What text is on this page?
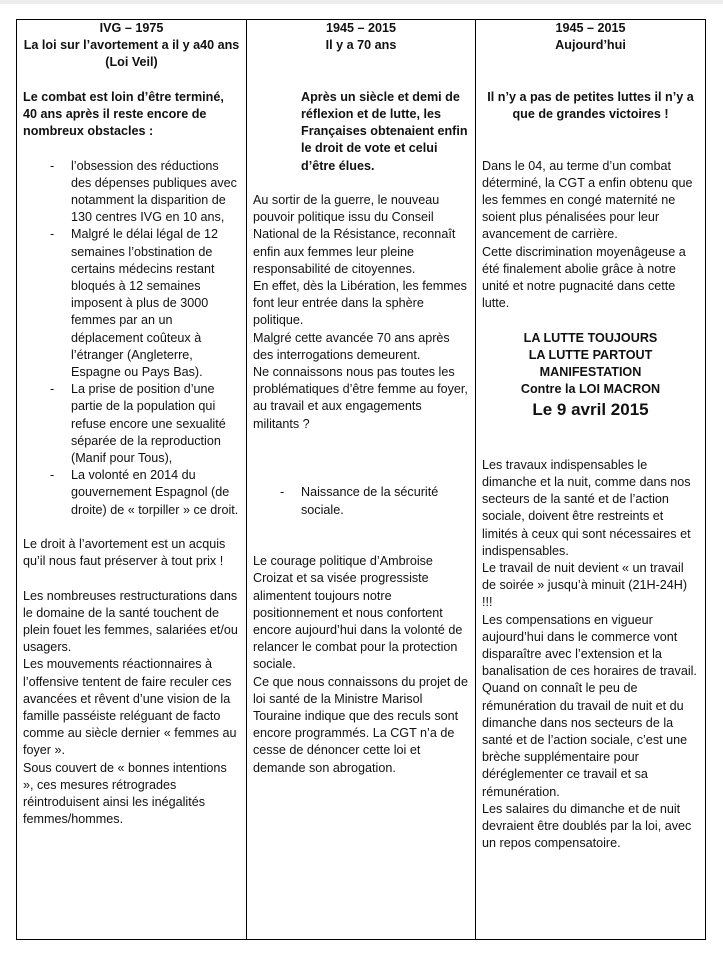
IVG – 1975

La loi sur l’avortement a il y a40 ans

(Loi Veil)

Le combat est loin d’être terminé, 40 ans après il reste encore de nombreux obstacles :

- l’obsession des réductions des dépenses publiques avec notamment la disparition de 130 centres IVG en 10 ans,
- Malgré le délai légal de 12 semaines l’obstination de certains médecins restant bloqués à 12 semaines imposent à plus de 3000 femmes par an un déplacement coûteux à l’étranger (Angleterre, Espagne ou Pays Bas).
- La prise de position d’une partie de la population qui refuse encore une sexualité séparée de la reproduction (Manif pour Tous),
- La volonté en 2014 du gouvernement Espagnol (de droite) de « torpiller » ce droit.

Le droit à l’avortement est un acquis qu’il nous faut préserver à tout prix !

Les nombreuses restructurations dans le domaine de la santé touchent de plein fouet les femmes, salariées et/ou usagers.

Les mouvements réactionnaires à l’offensive tentent de faire reculer ces avancées et rêvent d’une vision de la famille passéiste reléguant de facto comme au siècle dernier « femmes au foyer ».

Sous couvert de « bonnes intentions », ces mesures rétrogrades réintroduisent ainsi les inégalités femmes/hommes.

1945 – 2015

Il y a 70 ans

Après un siècle et demi de réflexion et de lutte, les Françaises obtenaient enfin le droit de vote et celui d’être élues.

Au sortir de la guerre, le nouveau pouvoir politique issu du Conseil National de la Résistance, reconnaît enfin aux femmes leur pleine responsabilité de citoyennes.

En effet, dès la Libération, les femmes font leur entrée dans la sphère politique.

Malgré cette avancée 70 ans après des interrogations demeurent.

Ne connaissons nous pas toutes les problématiques d’être femme au foyer, au travail et aux engagements militants ?

- Naissance de la sécurité sociale.

Le courage politique d’Ambroise Croizat et sa visée progressiste alimentent toujours notre positionnement et nous confortent encore aujourd’hui dans la volonté de relancer le combat pour la protection sociale.

Ce que nous connaissons du projet de loi santé de la Ministre Marisol Touraine indique que des reculs sont encore programmés. La CGT n’a de cesse de dénoncer cette loi et demande son abrogation.

1945 – 2015

Aujourd’hui

Il n’y a pas de petites luttes il n’y a que de grandes victoires !

Dans le 04, au terme d’un combat déterminé, la CGT a enfin obtenu que les femmes en congé maternité ne soient plus pénalisées pour leur avancement de carrière.

Cette discrimination moyenâgeuse a été finalement abolie grâce à notre unité et notre pugnacité dans cette lutte.

LA LUTTE TOUJOURS

LA LUTTE PARTOUT

MANIFESTATION

Contre la LOI MACRON

Le 9 avril 2015

Les travaux indispensables le dimanche et la nuit, comme dans nos secteurs de la santé et de l’action sociale, doivent être restreints et limités à ceux qui sont nécessaires et indispensables.

Le travail de nuit devient « un travail de soirée » jusqu’à minuit (21H-24H) !!!

Les compensations en vigueur aujourd’hui dans le commerce vont disparaître avec l’extension et la banalisation de ces horaires de travail.

Quand on connaît le peu de rémunération du travail de nuit et du dimanche dans nos secteurs de la santé et de l’action sociale, c’est une brèche supplémentaire pour déréglementer ce travail et sa rémunération.

Les salaires du dimanche et de nuit devraient être doublés par la loi, avec un repos compensatoire.
